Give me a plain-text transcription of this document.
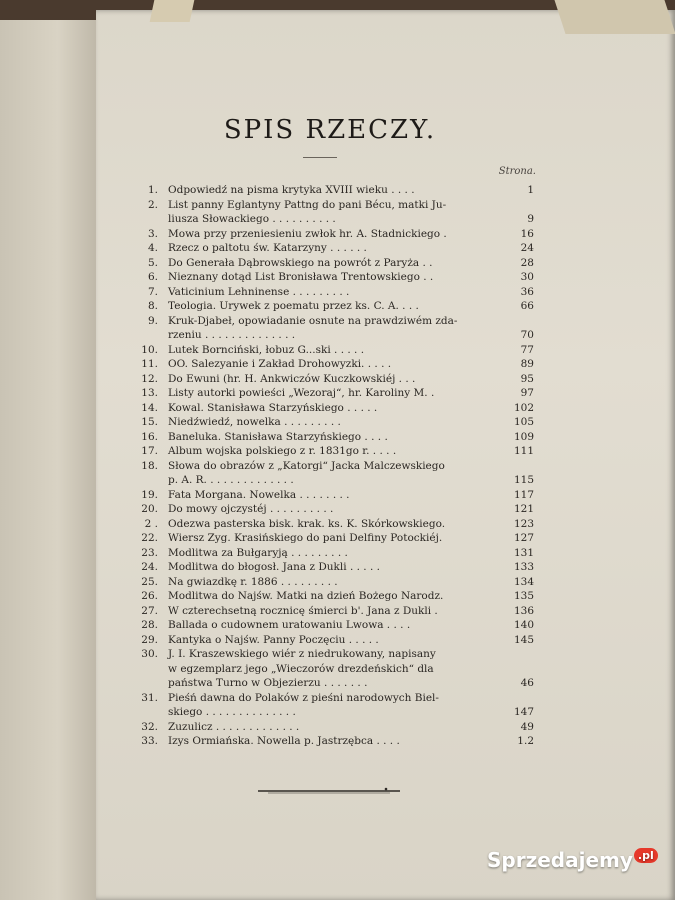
SPIS RZECZY.
Strona.
1. Odpowiedź na pisma krytyka XVIII wieku . . . .	1
2. List panny Eglantyny Pattng do pani Bécu, matki Ju-
liusza Słowackiego . . . . . . . . . .	9
3. Mowa przy przeniesieniu zwłok hr. A. Stadnickiego .	16
4. Rzecz o paltotu św. Katarzyny . . . . . .	24
5. Do Generała Dąbrowskiego na powrót z Paryża . .	28
6. Nieznany dotąd List Bronisława Trentowskiego . .	30
7. Vaticinium Lehninense . . . . . . . . .	36
8. Teologia. Urywek z poematu przez ks. C. A. . . .	66
9. Kruk-Djabeł, opowiadanie osnute na prawdziwém zda-
rzeniu . . . . . . . . . . . . . .	70
10. Lutek Bornciński, łobuz G...ski . . . . .	77
11. OO. Salezyanie i Zakład Drohowyzki. . . . .	89
12. Do Ewuni (hr. H. Ankwiczów Kuczkowskiéj . . .	95
13. Listy autorki powieści „Wezoraj“, hr. Karoliny M. .	97
14. Kowal. Stanisława Starzyńskiego . . . . .	102
15. Niedźwiedź, nowelka . . . . . . . . .	105
16. Baneluka. Stanisława Starzyńskiego . . . .	109
17. Album wojska polskiego z r. 1831go r. . . . .	111
18. Słowa do obrazów z „Katorgi“ Jacka Malczewskiego
p. A. R. . . . . . . . . . . . . .	115
19. Fata Morgana. Nowelka . . . . . . . .	117
20. Do mowy ojczystéj . . . . . . . . . .	121
2 . Odezwa pasterska bisk. krak. ks. K. Skórkowskiego.	123
22. Wiersz Zyg. Krasińskiego do pani Delfiny Potockiéj.	127
23. Modlitwa za Bułgaryją . . . . . . . . .	131
24. Modlitwa do błogosł. Jana z Dukli . . . . .	133
25. Na gwiazdkę r. 1886 . . . . . . . . .	134
26. Modlitwa do Najśw. Matki na dzień Bożego Narodz.	135
27. W czterechsetną rocznicę śmierci b'. Jana z Dukli .	136
28. Ballada o cudownem uratowaniu Lwowa . . . .	140
29. Kantyka o Najśw. Panny Poczęciu . . . . .	145
30. J. I. Kraszewskiego wiér z niedrukowany, napisany
w egzemplarz jego „Wieczorów drezdeńskich“ dla
państwa Turno w Objezierzu . . . . . . .	46
31. Pieśń dawna do Polaków z pieśni narodowych Biel-
skiego . . . . . . . . . . . . . .	147
32. Zuzulicz . . . . . . . . . . . . .	49
33. Izys Ormiańska. Nowella p. Jastrzębca . . . .	1.2
Sprzedajemy .pl
